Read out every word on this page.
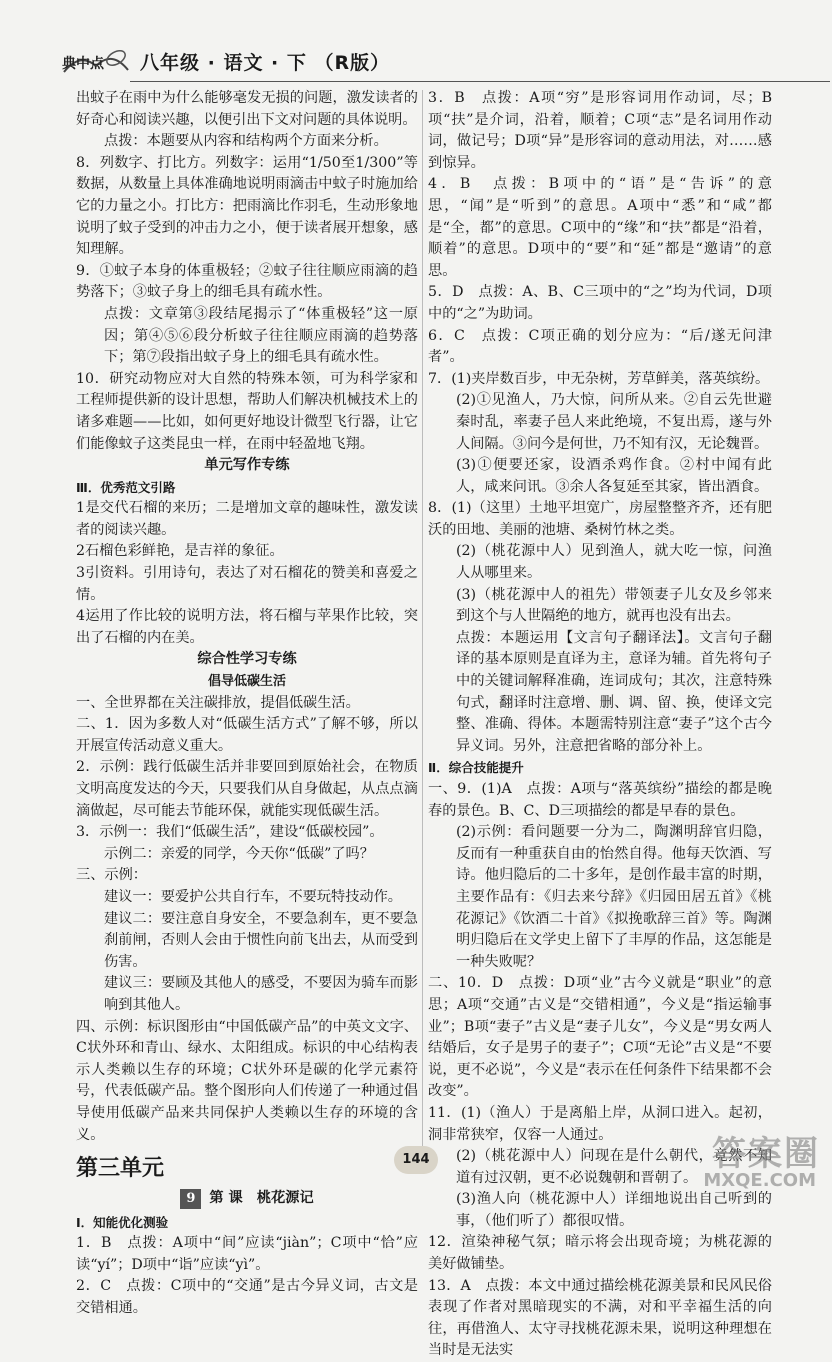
典中点 八年级 · 语文 · 下 （R版）

出蚊子在雨中为什么能够毫发无损的问题，激发读者的好奇心和阅读兴趣，以便引出下文对问题的具体说明。

点拨：本题要从内容和结构两个方面来分析。

8．列数字、打比方。列数字：运用“1/50至1/300”等数据，从数量上具体准确地说明雨滴击中蚊子时施加给它的力量之小。打比方：把雨滴比作羽毛，生动形象地说明了蚊子受到的冲击力之小，便于读者展开想象，感知理解。

9．①蚊子本身的体重极轻；②蚊子往往顺应雨滴的趋势落下；③蚊子身上的细毛具有疏水性。

点拨：文章第③段结尾揭示了“体重极轻”这一原因；第④⑤⑥段分析蚊子往往顺应雨滴的趋势落下；第⑦段指出蚊子身上的细毛具有疏水性。

10．研究动物应对大自然的特殊本领，可为科学家和工程师提供新的设计思想，帮助人们解决机械技术上的诸多难题——比如，如何更好地设计微型飞行器，让它们能像蚊子这类昆虫一样，在雨中轻盈地飞翔。

单元写作专练

Ⅲ．优秀范文引路

1是交代石榴的来历；二是增加文章的趣味性，激发读者的阅读兴趣。

2石榴色彩鲜艳，是吉祥的象征。

3引资料。引用诗句，表达了对石榴花的赞美和喜爱之情。

4运用了作比较的说明方法，将石榴与苹果作比较，突出了石榴的内在美。

综合性学习专练

倡导低碳生活

一、全世界都在关注碳排放，提倡低碳生活。

二、1．因为多数人对“低碳生活方式”了解不够，所以开展宣传活动意义重大。

2．示例：践行低碳生活并非要回到原始社会，在物质文明高度发达的今天，只要我们从自身做起，从点点滴滴做起，尽可能去节能环保，就能实现低碳生活。

3．示例一：我们“低碳生活”，建设“低碳校园”。

示例二：亲爱的同学，今天你“低碳”了吗？

三、示例：

建议一：要爱护公共自行车，不要玩特技动作。

建议二：要注意自身安全，不要急刹车，更不要急刹前闸，否则人会由于惯性向前飞出去，从而受到伤害。

建议三：要顾及其他人的感受，不要因为骑车而影响到其他人。

四、示例：标识图形由“中国低碳产品”的中英文文字、C状外环和青山、绿水、太阳组成。标识的中心结构表示人类赖以生存的环境；C状外环是碳的化学元素符号，代表低碳产品。整个图形向人们传递了一种通过倡导使用低碳产品来共同保护人类赖以生存的环境的含义。

第三单元

9 第 课　桃花源记

Ⅰ．知能优化测验

1．B　点拨：A项中“间”应读“jiàn”；C项中“恰”应读“yí”；D项中“诣”应读“yì”。

2．C　点拨：C项中的“交通”是古今异义词，古文是交错相通。

3．B　点拨：A项“穷”是形容词用作动词，尽；B项“扶”是介词，沿着，顺着；C项“志”是名词用作动词，做记号；D项“异”是形容词的意动用法，对……感到惊异。

4．B　点拨：B项中的“语”是“告诉”的意思，“闻”是“听到”的意思。A项中“悉”和“咸”都是“全，都”的意思。C项中的“缘”和“扶”都是“沿着，顺着”的意思。D项中的“要”和“延”都是“邀请”的意思。

5．D　点拨：A、B、C三项中的“之”均为代词，D项中的“之”为助词。

6．C　点拨：C项正确的划分应为：“后/遂无问津者”。

7．(1)夹岸数百步，中无杂树，芳草鲜美，落英缤纷。

(2)①见渔人，乃大惊，问所从来。②自云先世避秦时乱，率妻子邑人来此绝境，不复出焉，遂与外人间隔。③问今是何世，乃不知有汉，无论魏晋。

(3)①便要还家，设酒杀鸡作食。②村中闻有此人，咸来问讯。③余人各复延至其家，皆出酒食。

8．(1)（这里）土地平坦宽广，房屋整整齐齐，还有肥沃的田地、美丽的池塘、桑树竹林之类。

(2)（桃花源中人）见到渔人，就大吃一惊，问渔人从哪里来。

(3)（桃花源中人的祖先）带领妻子儿女及乡邻来到这个与人世隔绝的地方，就再也没有出去。

点拨：本题运用【文言句子翻译法】。文言句子翻译的基本原则是直译为主，意译为辅。首先将句子中的关键词解释准确，连词成句；其次，注意特殊句式，翻译时注意增、删、调、留、换，使译文完整、准确、得体。本题需特别注意“妻子”这个古今异义词。另外，注意把省略的部分补上。

Ⅱ．综合技能提升

一、9．(1)A　点拨：A项与“落英缤纷”描绘的都是晚春的景色。B、C、D三项描绘的都是早春的景色。

(2)示例：看问题要一分为二，陶渊明辞官归隐，反而有一种重获自由的怡然自得。他每天饮酒、写诗。他归隐后的二十多年，是创作最丰富的时期，主要作品有：《归去来兮辞》《归园田居五首》《桃花源记》《饮酒二十首》《拟挽歌辞三首》等。陶渊明归隐后在文学史上留下了丰厚的作品，这怎能是一种失败呢？

二、10．D　点拨：D项“业”古今义就是“职业”的意思；A项“交通”古义是“交错相通”，今义是“指运输事业”；B项“妻子”古义是“妻子儿女”，今义是“男女两人结婚后，女子是男子的妻子”；C项“无论”古义是“不要说，更不必说”，今义是“表示在任何条件下结果都不会改变”。

11．(1)（渔人）于是离船上岸，从洞口进入。起初，洞非常狭窄，仅容一人通过。

(2)（桃花源中人）问现在是什么朝代，竟然不知道有过汉朝，更不必说魏朝和晋朝了。

(3)渔人向（桃花源中人）详细地说出自己听到的事，（他们听了）都很叹惜。

12．渲染神秘气氛；暗示将会出现奇境；为桃花源的美好做铺垫。

13．A　点拨：本文中通过描绘桃花源美景和民风民俗表现了作者对黑暗现实的不满，对和平幸福生活的向往，再借渔人、太守寻找桃花源未果，说明这种理想在当时是无法实

144	答案圈
MXQE.COM
